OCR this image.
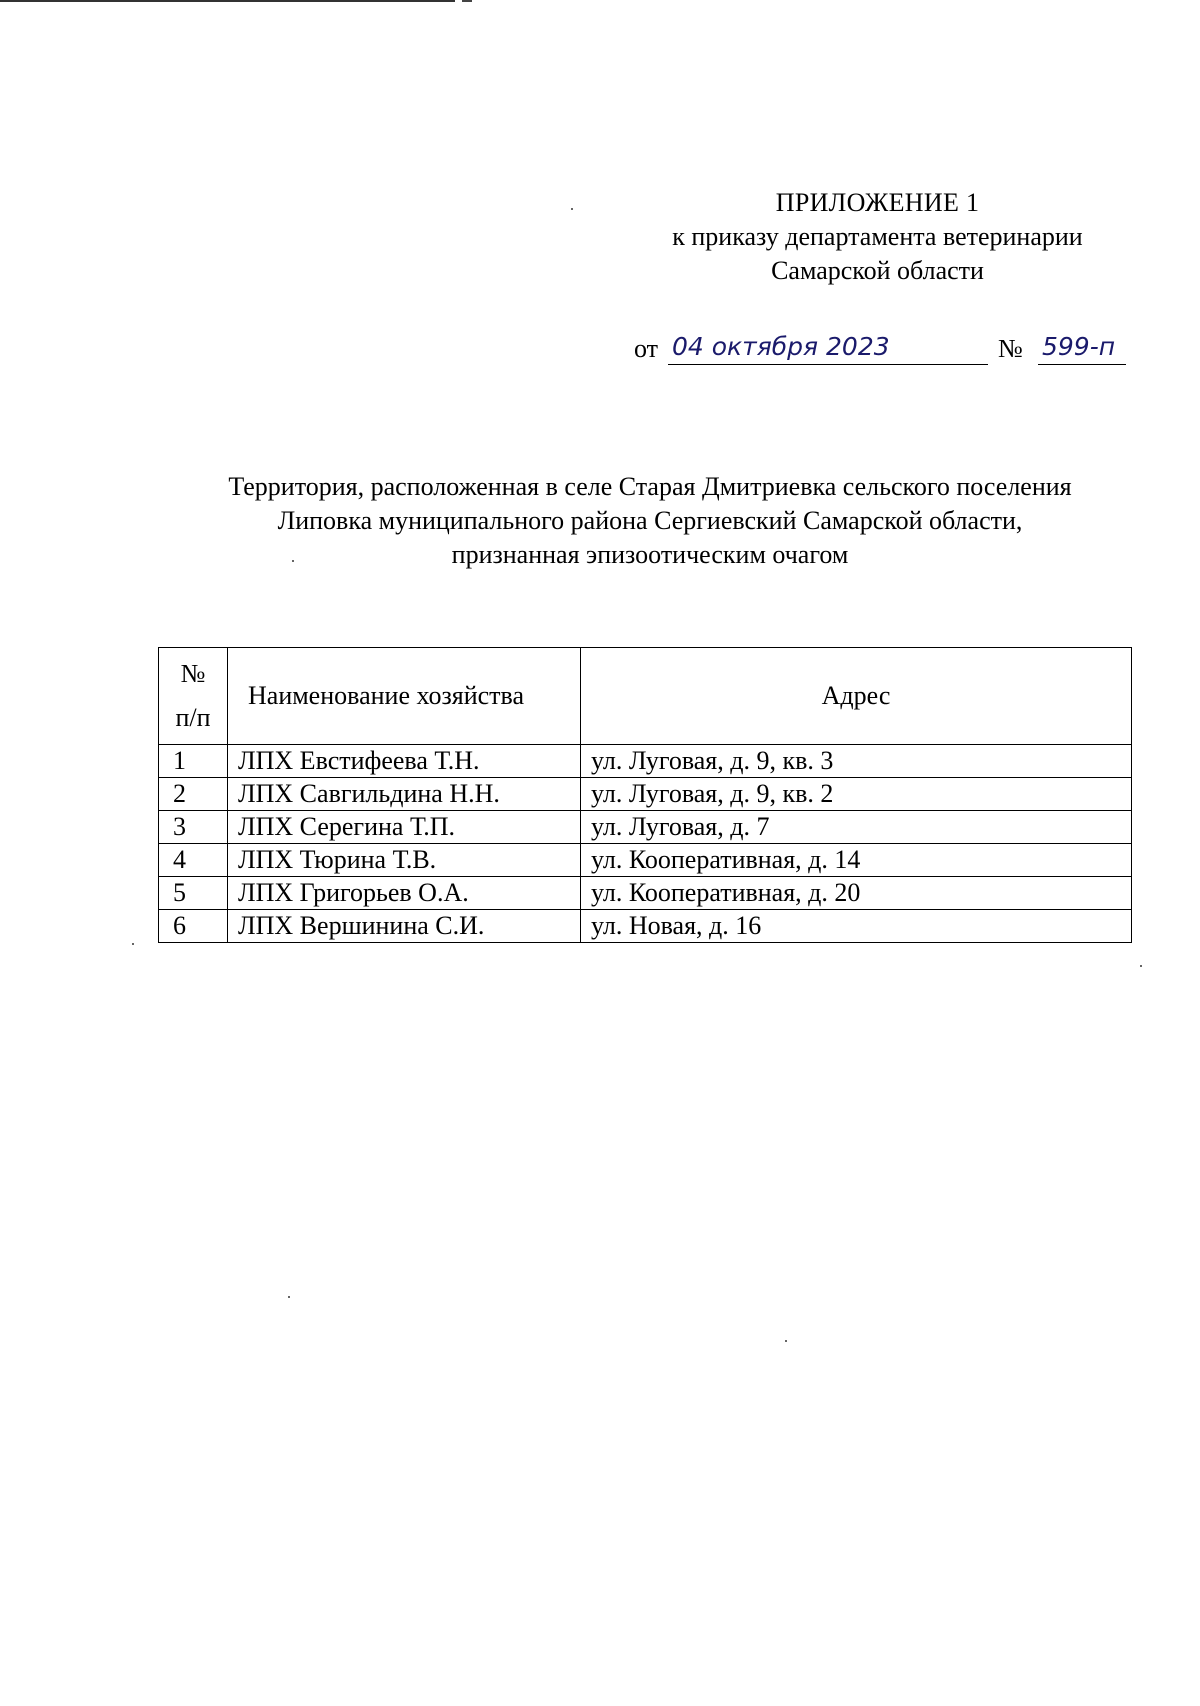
ПРИЛОЖЕНИЕ 1
к приказу департамента ветеринарии
Самарской области
от 04 октября 2023	№ 599-п
Территория, расположенная в селе Старая Дмитриевка сельского поселения
Липовка муниципального района Сергиевский Самарской области,
признанная эпизоотическим очагом
№
п/п	Наименование хозяйства	Адрес
1	ЛПХ Евстифеева Т.Н.	ул. Луговая, д. 9, кв. 3
2	ЛПХ Савгильдина Н.Н.	ул. Луговая, д. 9, кв. 2
3	ЛПХ Серегина Т.П.	ул. Луговая, д. 7
4	ЛПХ Тюрина Т.В.	ул. Кооперативная, д. 14
5	ЛПХ Григорьев О.А.	ул. Кооперативная, д. 20
6	ЛПХ Вершинина С.И.	ул. Новая, д. 16
